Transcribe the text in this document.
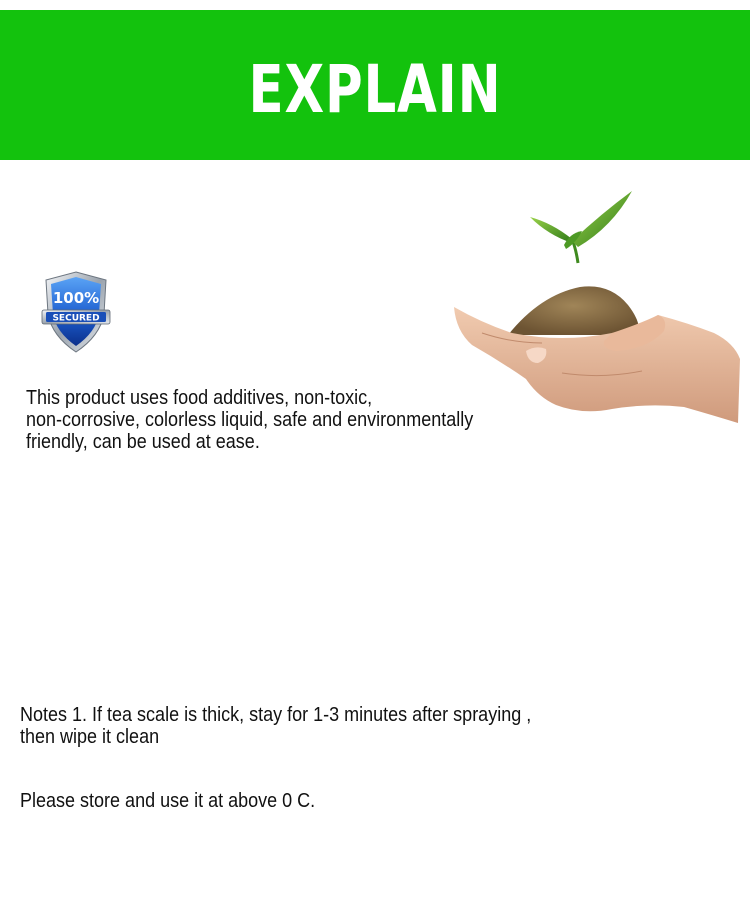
EXPLAIN
100%
SECURED
This product uses food additives, non-toxic,
non-corrosive, colorless liquid, safe and environmentally
friendly, can be used at ease.
Notes 1. If tea scale is thick, stay for 1-3 minutes after spraying ,
then wipe it clean
Please store and use it at above 0 C.
